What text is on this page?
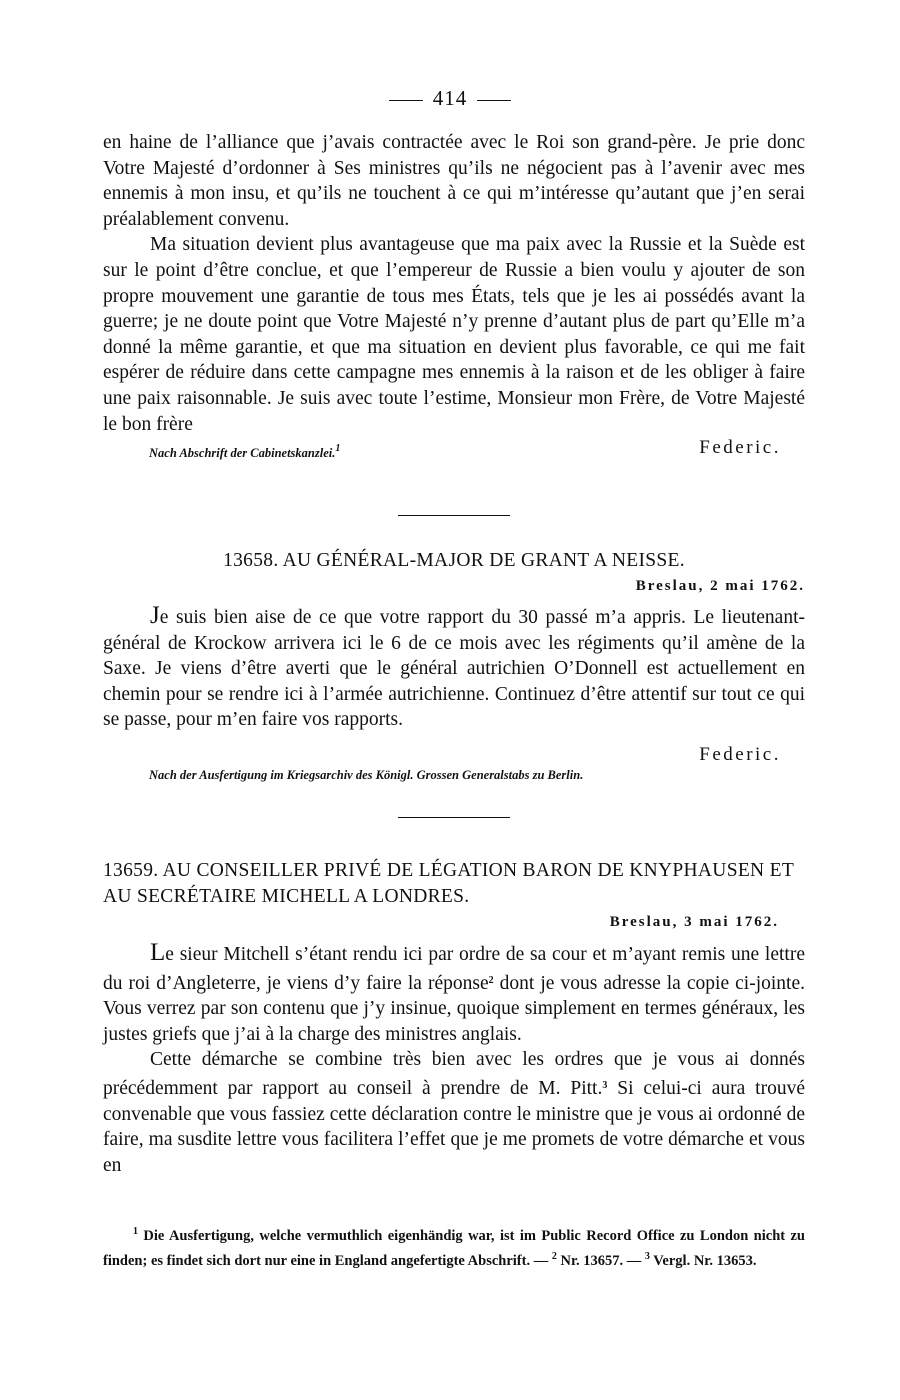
414

en haine de l’alliance que j’avais contractée avec le Roi son grand-père. Je prie donc Votre Majesté d’ordonner à Ses ministres qu’ils ne négocient pas à l’avenir avec mes ennemis à mon insu, et qu’ils ne touchent à ce qui m’intéresse qu’autant que j’en serai préalablement convenu.

Ma situation devient plus avantageuse que ma paix avec la Russie et la Suède est sur le point d’être conclue, et que l’empereur de Russie a bien voulu y ajouter de son propre mouvement une garantie de tous mes États, tels que je les ai possédés avant la guerre; je ne doute point que Votre Majesté n’y prenne d’autant plus de part qu’Elle m’a donné la même garantie, et que ma situation en devient plus favorable, ce qui me fait espérer de réduire dans cette campagne mes ennemis à la raison et de les obliger à faire une paix raisonnable. Je suis avec toute l’estime, Monsieur mon Frère, de Votre Majesté le bon frère

Nach Abschrift der Cabinetskanzlei.$^1$	Federic.
13658. AU GÉNÉRAL-MAJOR DE GRANT A NEISSE.
Breslau, 2 mai 1762.

Je suis bien aise de ce que votre rapport du 30 passé m’a appris. Le lieutenant-général de Krockow arrivera ici le 6 de ce mois avec les régiments qu’il amène de la Saxe. Je viens d’être averti que le général autrichien O’Donnell est actuellement en chemin pour se rendre ici à l’armée autrichienne. Continuez d’être attentif sur tout ce qui se passe, pour m’en faire vos rapports.

Federic.
Nach der Ausfertigung im Kriegsarchiv des Königl. Grossen Generalstabs zu Berlin.
13659. AU CONSEILLER PRIVÉ DE LÉGATION BARON DE KNYPHAUSEN ET AU SECRÉTAIRE MICHELL A LONDRES.
Breslau, 3 mai 1762.

Le sieur Mitchell s’étant rendu ici par ordre de sa cour et m’ayant remis une lettre du roi d’Angleterre, je viens d’y faire la réponse$^2$ dont je vous adresse la copie ci-jointe. Vous verrez par son contenu que j’y insinue, quoique simplement en termes généraux, les justes griefs que j’ai à la charge des ministres anglais.

Cette démarche se combine très bien avec les ordres que je vous ai donnés précédemment par rapport au conseil à prendre de M. Pitt.$^3$ Si celui-ci aura trouvé convenable que vous fassiez cette déclaration contre le ministre que je vous ai ordonné de faire, ma susdite lettre vous facilitera l’effet que je me promets de votre démarche et vous en

$^1$ Die Ausfertigung, welche vermuthlich eigenhändig war, ist im Public Record Office zu London nicht zu finden; es findet sich dort nur eine in England angefertigte Abschrift. — $^2$ Nr. 13657. — $^3$ Vergl. Nr. 13653.
